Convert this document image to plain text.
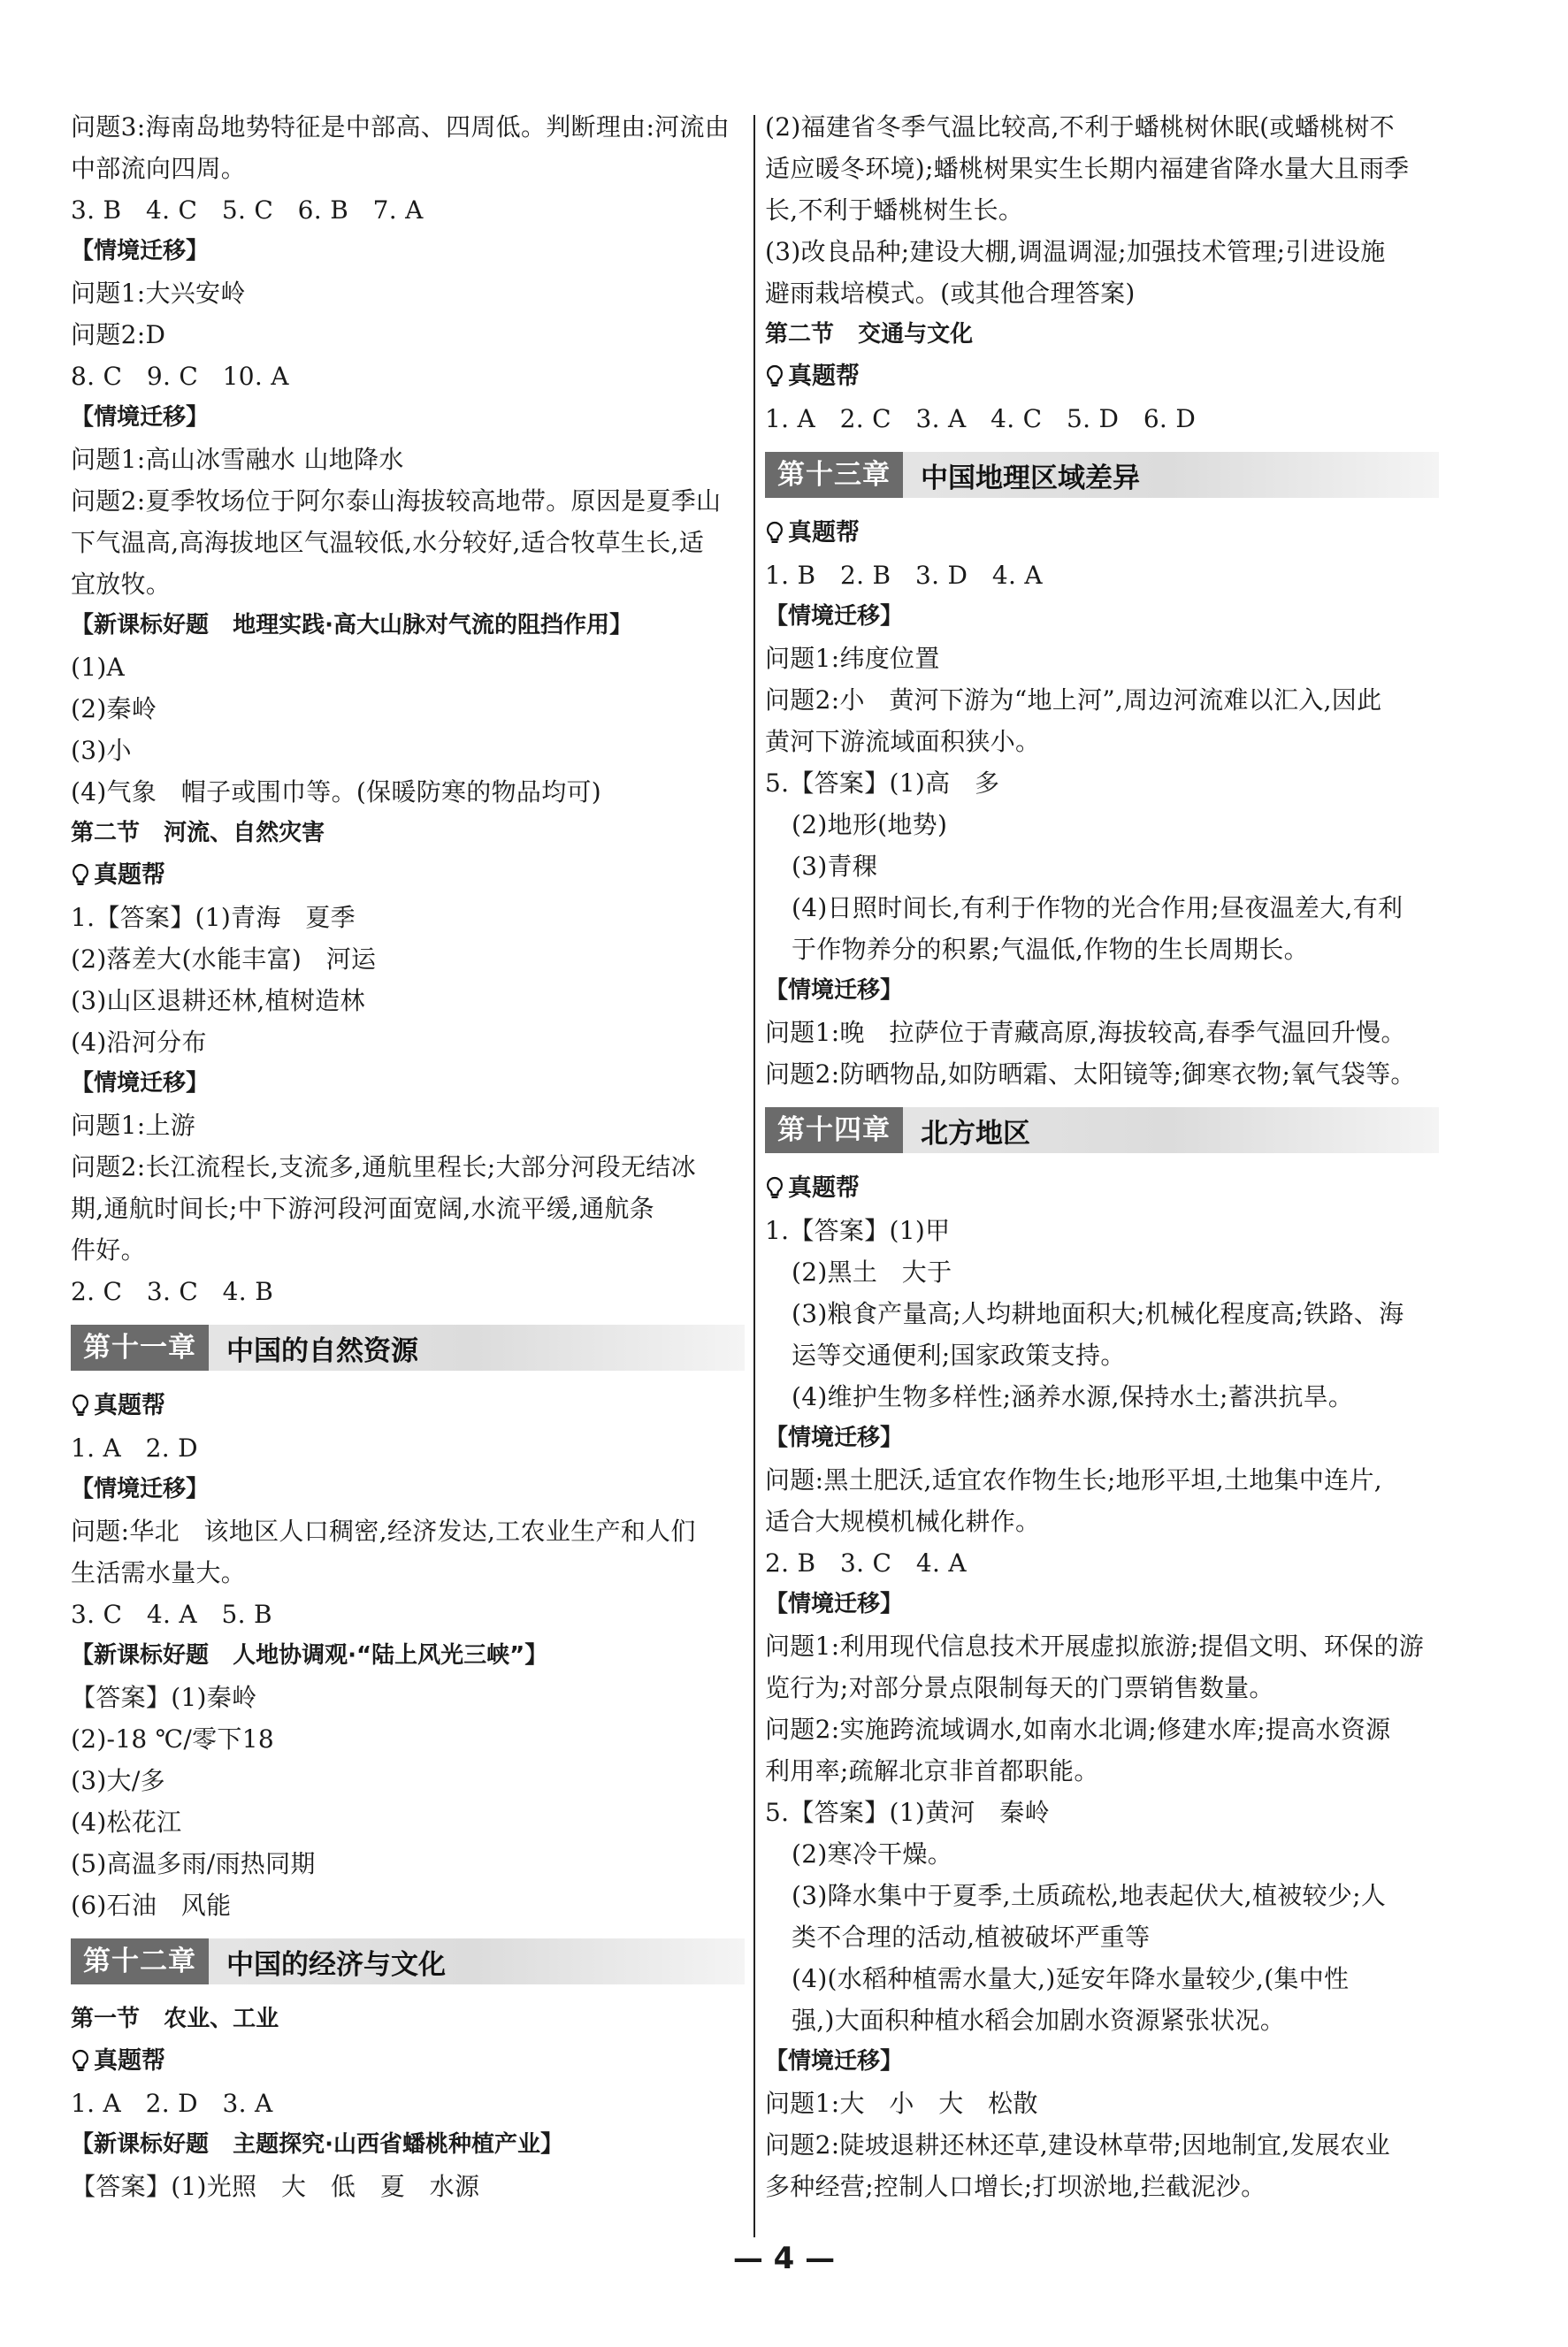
问题3:海南岛地势特征是中部高、四周低。判断理由:河流由
中部流向四周。
3. B   4. C   5. C   6. B   7. A
【情境迁移】
问题1:大兴安岭
问题2:D
8. C   9. C   10. A
【情境迁移】
问题1:高山冰雪融水 山地降水
问题2:夏季牧场位于阿尔泰山海拔较高地带。原因是夏季山
下气温高,高海拔地区气温较低,水分较好,适合牧草生长,适
宜放牧。
【新课标好题   地理实践·高大山脉对气流的阻挡作用】
(1)A
(2)秦岭
(3)小
(4)气象   帽子或围巾等。(保暖防寒的物品均可)
第二节   河流、自然灾害
真题帮
1.【答案】(1)青海   夏季
(2)落差大(水能丰富)   河运
(3)山区退耕还林,植树造林
(4)沿河分布
【情境迁移】
问题1:上游
问题2:长江流程长,支流多,通航里程长;大部分河段无结冰
期,通航时间长;中下游河段河面宽阔,水流平缓,通航条
件好。
2. C   3. C   4. B
第十一章	中国的自然资源
真题帮
1. A   2. D
【情境迁移】
问题:华北   该地区人口稠密,经济发达,工农业生产和人们
生活需水量大。
3. C   4. A   5. B
【新课标好题   人地协调观·“陆上风光三峡”】
【答案】(1)秦岭
(2)-18 ℃/零下18
(3)大/多
(4)松花江
(5)高温多雨/雨热同期
(6)石油   风能
第十二章	中国的经济与文化
第一节   农业、工业
真题帮
1. A   2. D   3. A
【新课标好题   主题探究·山西省蟠桃种植产业】
【答案】(1)光照   大   低   夏   水源
(2)福建省冬季气温比较高,不利于蟠桃树休眠(或蟠桃树不
适应暖冬环境);蟠桃树果实生长期内福建省降水量大且雨季
长,不利于蟠桃树生长。
(3)改良品种;建设大棚,调温调湿;加强技术管理;引进设施
避雨栽培模式。(或其他合理答案)
第二节   交通与文化
真题帮
1. A   2. C   3. A   4. C   5. D   6. D
第十三章	中国地理区域差异
真题帮
1. B   2. B   3. D   4. A
【情境迁移】
问题1:纬度位置
问题2:小   黄河下游为“地上河”,周边河流难以汇入,因此
黄河下游流域面积狭小。
5.【答案】(1)高   多
(2)地形(地势)
(3)青稞
(4)日照时间长,有利于作物的光合作用;昼夜温差大,有利
于作物养分的积累;气温低,作物的生长周期长。
【情境迁移】
问题1:晚   拉萨位于青藏高原,海拔较高,春季气温回升慢。
问题2:防晒物品,如防晒霜、太阳镜等;御寒衣物;氧气袋等。
第十四章	北方地区
真题帮
1.【答案】(1)甲
(2)黑土   大于
(3)粮食产量高;人均耕地面积大;机械化程度高;铁路、海
运等交通便利;国家政策支持。
(4)维护生物多样性;涵养水源,保持水土;蓄洪抗旱。
【情境迁移】
问题:黑土肥沃,适宜农作物生长;地形平坦,土地集中连片,
适合大规模机械化耕作。
2. B   3. C   4. A
【情境迁移】
问题1:利用现代信息技术开展虚拟旅游;提倡文明、环保的游
览行为;对部分景点限制每天的门票销售数量。
问题2:实施跨流域调水,如南水北调;修建水库;提高水资源
利用率;疏解北京非首都职能。
5.【答案】(1)黄河   秦岭
(2)寒冷干燥。
(3)降水集中于夏季,土质疏松,地表起伏大,植被较少;人
类不合理的活动,植被破坏严重等
(4)(水稻种植需水量大,)延安年降水量较少,(集中性
强,)大面积种植水稻会加剧水资源紧张状况。
【情境迁移】
问题1:大   小   大   松散
问题2:陡坡退耕还林还草,建设林草带;因地制宜,发展农业
多种经营;控制人口增长;打坝淤地,拦截泥沙。
— 4 —
